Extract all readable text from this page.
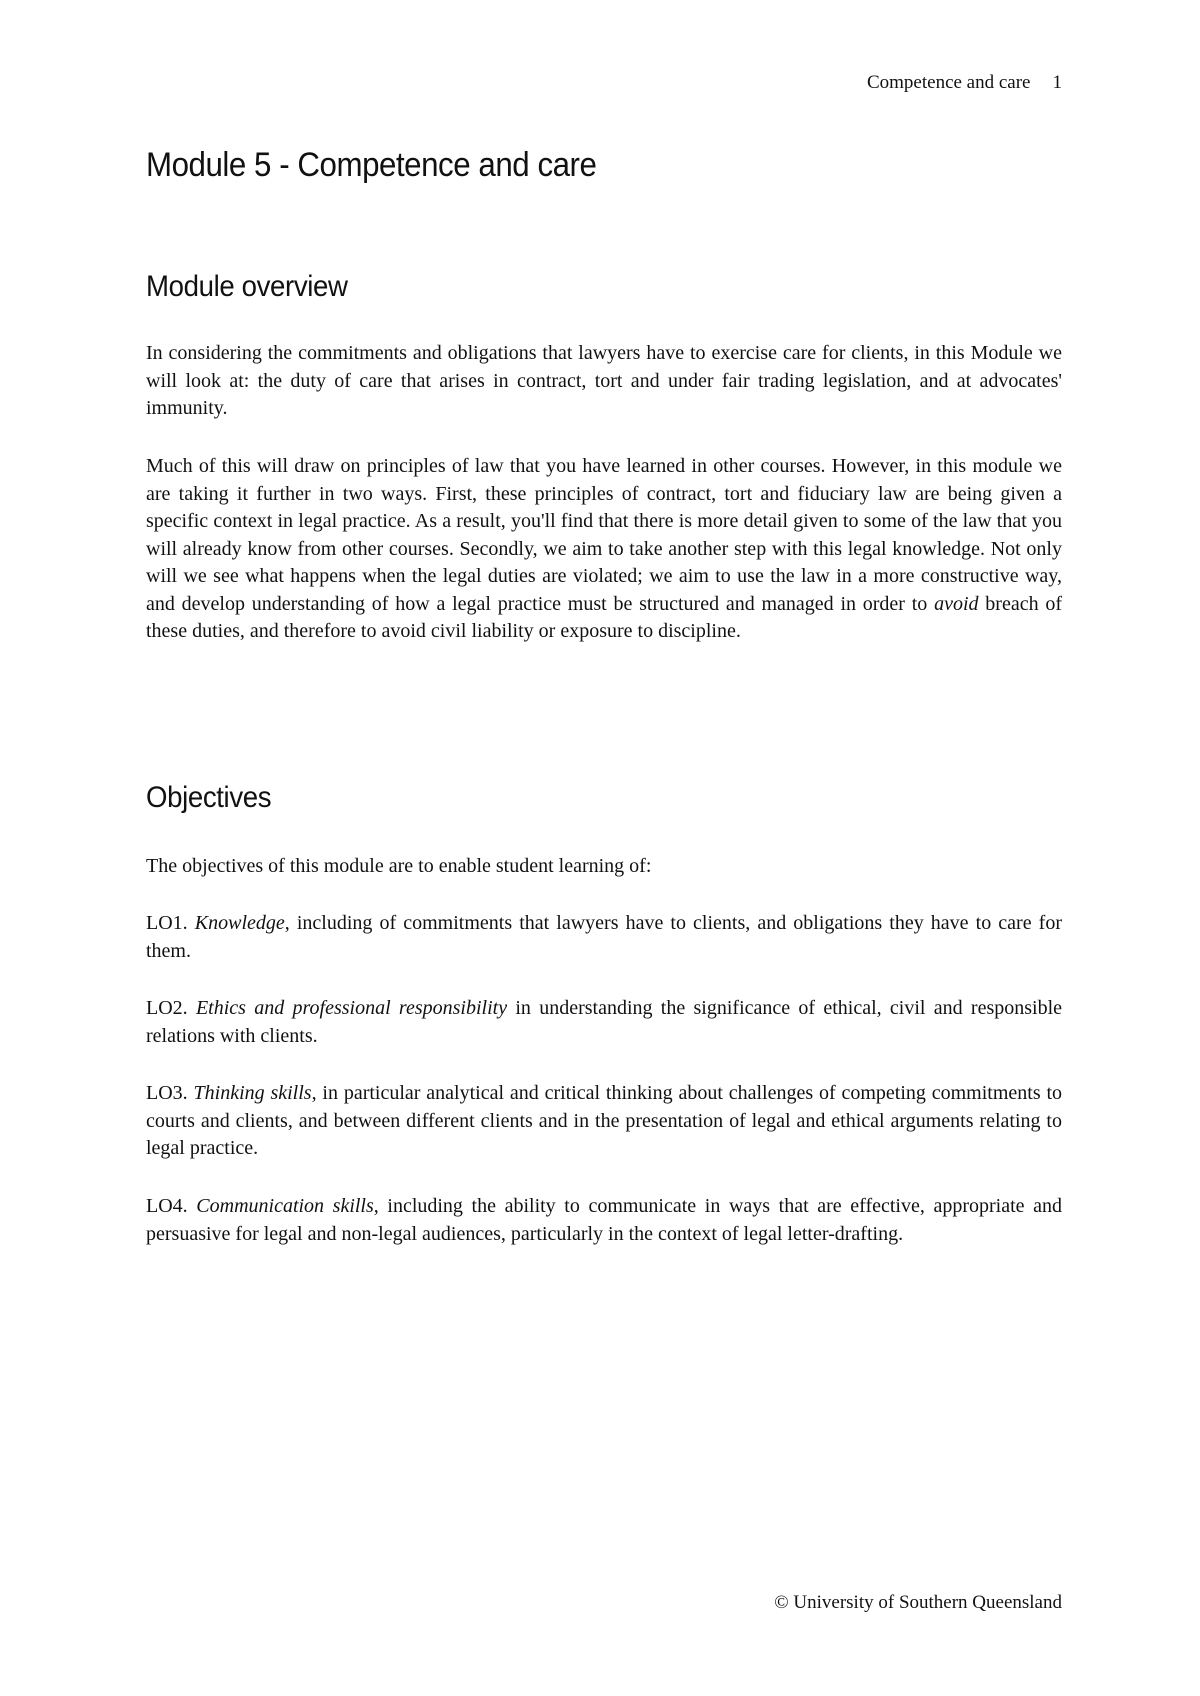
Competence and care 1
Module 5 - Competence and care
Module overview

In considering the commitments and obligations that lawyers have to exercise care for clients, in this Module we will look at: the duty of care that arises in contract, tort and under fair trading legislation, and at advocates' immunity.

Much of this will draw on principles of law that you have learned in other courses. However, in this module we are taking it further in two ways. First, these principles of contract, tort and fiduciary law are being given a specific context in legal practice. As a result, you'll find that there is more detail given to some of the law that you will already know from other courses. Secondly, we aim to take another step with this legal knowledge. Not only will we see what happens when the legal duties are violated; we aim to use the law in a more constructive way, and develop understanding of how a legal practice must be structured and managed in order to avoid breach of these duties, and therefore to avoid civil liability or exposure to discipline.

Objectives

The objectives of this module are to enable student learning of:

LO1. Knowledge, including of commitments that lawyers have to clients, and obligations they have to care for them.

LO2. Ethics and professional responsibility in understanding the significance of ethical, civil and responsible relations with clients.

LO3. Thinking skills, in particular analytical and critical thinking about challenges of competing commitments to courts and clients, and between different clients and in the presentation of legal and ethical arguments relating to legal practice.

LO4. Communication skills, including the ability to communicate in ways that are effective, appropriate and persuasive for legal and non-legal audiences, particularly in the context of legal letter-drafting.

© University of Southern Queensland
